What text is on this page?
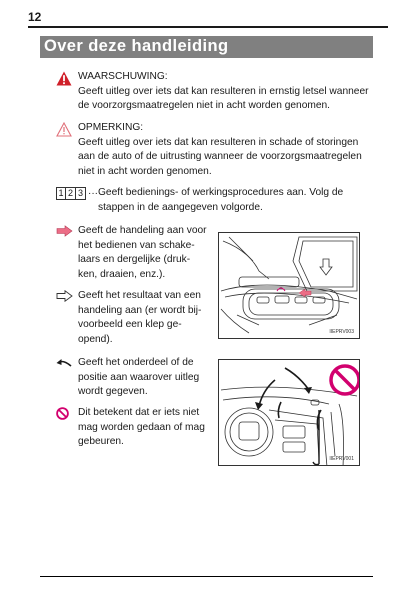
12
Over deze handleiding
WAARSCHUWING:
Geeft uitleg over iets dat kan resulteren in ernstig letsel wanneer
de voorzorgsmaatregelen niet in acht worden genomen.
OPMERKING:
Geeft uitleg over iets dat kan resulteren in schade of storingen
aan de auto of de uitrusting wanneer de voorzorgsmaatregelen
niet in acht worden genomen.
1 2 3 ··· Geeft bedienings- of werkingsprocedures aan. Volg de
stappen in de aangegeven volgorde.
Geeft de handeling aan voor
het bedienen van schake-
laars en dergelijke (druk-
ken, draaien, enz.).
Geeft het resultaat van een
handeling aan (er wordt bij-
voorbeeld een klep ge-
opend).
Geeft het onderdeel of de
positie aan waarover uitleg
wordt gegeven.
Dit betekent dat er iets niet
mag worden gedaan of mag
gebeuren.
IIEPRV003
IIEPRV001
